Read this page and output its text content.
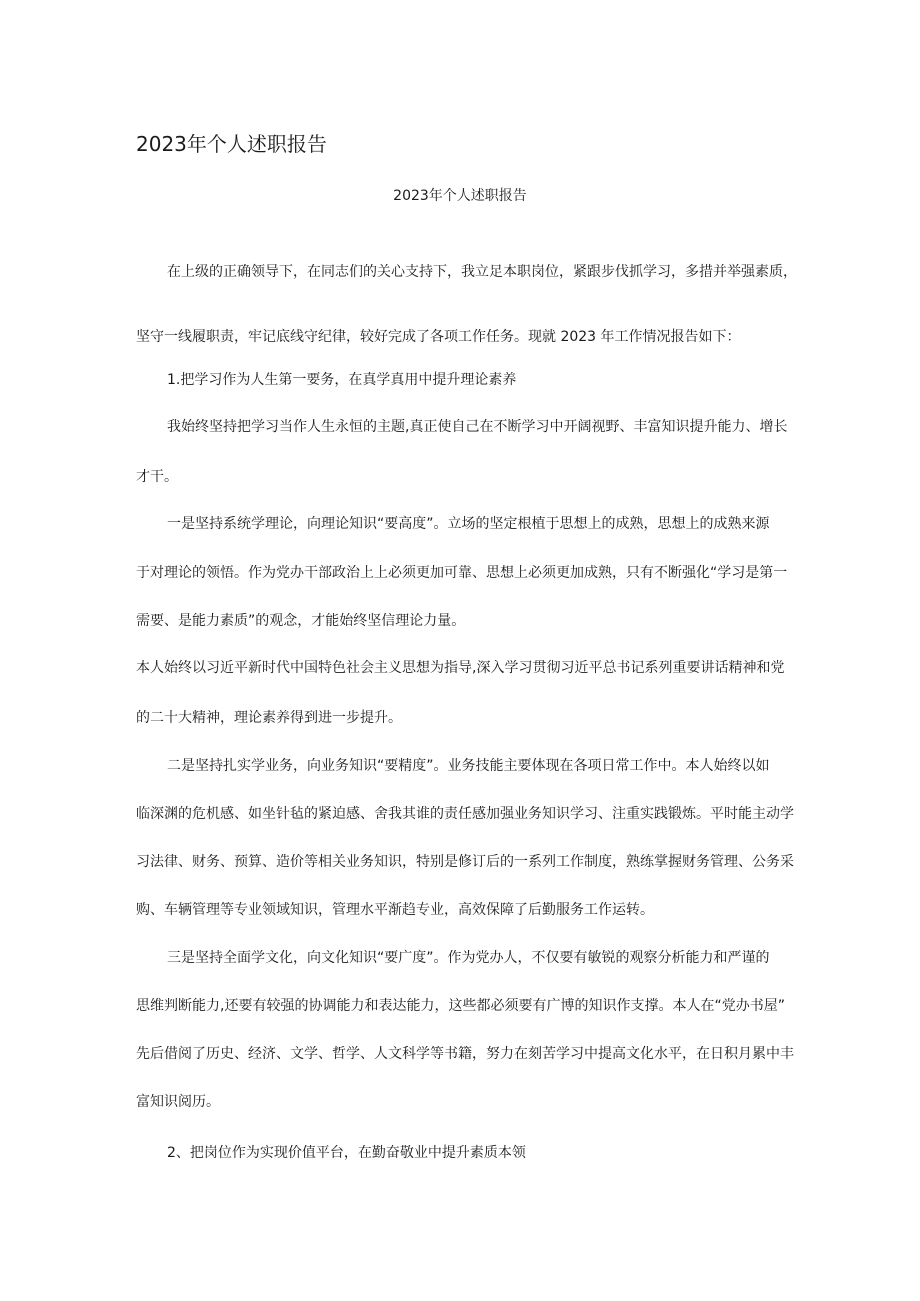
2023年个人述职报告
2023年个人述职报告
在上级的正确领导下，在同志们的关心支持下，我立足本职岗位，紧跟步伐抓学习，多措并举强素质，
坚守一线履职责，牢记底线守纪律，较好完成了各项工作任务。现就 2023 年工作情况报告如下：
1.把学习作为人生第一要务，在真学真用中提升理论素养
我始终坚持把学习当作人生永恒的主题,真正使自己在不断学习中开阔视野、丰富知识提升能力、增长
才干。
一是坚持系统学理论，向理论知识“要高度”。立场的坚定根植于思想上的成熟，思想上的成熟来源
于对理论的领悟。作为党办干部政治上上必须更加可靠、思想上必须更加成熟，只有不断强化“学习是第一
需要、是能力素质”的观念，才能始终坚信理论力量。
本人始终以习近平新时代中国特色社会主义思想为指导,深入学习贯彻习近平总书记系列重要讲话精神和党
的二十大精神，理论素养得到进一步提升。
二是坚持扎实学业务，向业务知识“要精度”。业务技能主要体现在各项日常工作中。本人始终以如
临深渊的危机感、如坐针毡的紧迫感、舍我其谁的责任感加强业务知识学习、注重实践锻炼。平时能主动学
习法律、财务、预算、造价等相关业务知识，特别是修订后的一系列工作制度，熟练掌握财务管理、公务采
购、车辆管理等专业领域知识，管理水平渐趋专业，高效保障了后勤服务工作运转。
三是坚持全面学文化，向文化知识“要广度”。作为党办人，不仅要有敏锐的观察分析能力和严谨的
思维判断能力,还要有较强的协调能力和表达能力，这些都必须要有广博的知识作支撑。本人在“党办书屋”
先后借阅了历史、经济、文学、哲学、人文科学等书籍，努力在刻苦学习中提高文化水平，在日积月累中丰
富知识阅历。
2、把岗位作为实现价值平台，在勤奋敬业中提升素质本领
